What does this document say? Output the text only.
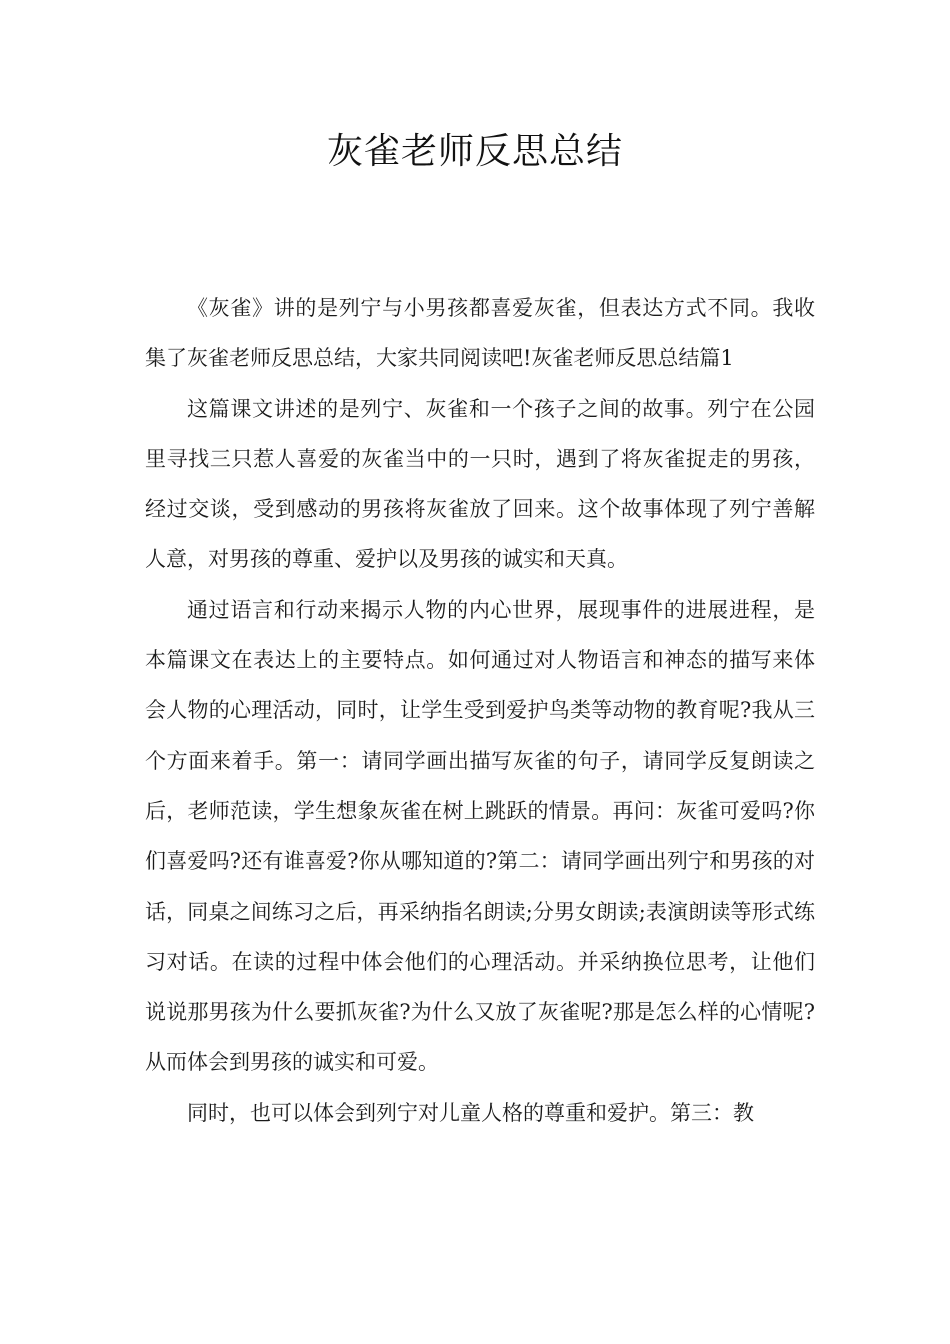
灰雀老师反思总结

《灰雀》讲的是列宁与小男孩都喜爱灰雀，但表达方式不同。我收集了灰雀老师反思总结，大家共同阅读吧!灰雀老师反思总结篇1

这篇课文讲述的是列宁、灰雀和一个孩子之间的故事。列宁在公园里寻找三只惹人喜爱的灰雀当中的一只时，遇到了将灰雀捉走的男孩，经过交谈，受到感动的男孩将灰雀放了回来。这个故事体现了列宁善解人意，对男孩的尊重、爱护以及男孩的诚实和天真。

通过语言和行动来揭示人物的内心世界，展现事件的进展进程，是本篇课文在表达上的主要特点。如何通过对人物语言和神态的描写来体会人物的心理活动，同时，让学生受到爱护鸟类等动物的教育呢?我从三个方面来着手。第一：请同学画出描写灰雀的句子，请同学反复朗读之后，老师范读，学生想象灰雀在树上跳跃的情景。再问：灰雀可爱吗?你们喜爱吗?还有谁喜爱?你从哪知道的?第二：请同学画出列宁和男孩的对话，同桌之间练习之后，再采纳指名朗读;分男女朗读;表演朗读等形式练习对话。在读的过程中体会他们的心理活动。并采纳换位思考，让他们说说那男孩为什么要抓灰雀?为什么又放了灰雀呢?那是怎么样的心情呢?从而体会到男孩的诚实和可爱。

同时，也可以体会到列宁对儿童人格的尊重和爱护。第三：教
